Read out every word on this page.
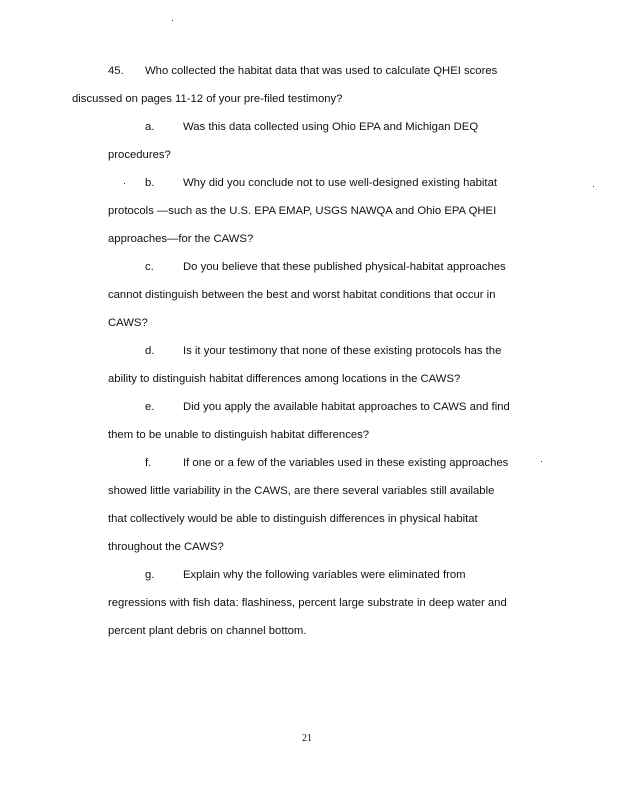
45. Who collected the habitat data that was used to calculate QHEI scores
discussed on pages 11-12 of your pre-filed testimony?
a.	Was this data collected using Ohio EPA and Michigan DEQ
procedures?
b.	Why did you conclude not to use well-designed existing habitat
protocols —such as the U.S. EPA EMAP, USGS NAWQA and Ohio EPA QHEI
approaches—for the CAWS?
c.	Do you believe that these published physical-habitat approaches
cannot distinguish between the best and worst habitat conditions that occur in
CAWS?
d.	Is it your testimony that none of these existing protocols has the
ability to distinguish habitat differences among locations in the CAWS?
e.	Did you apply the available habitat approaches to CAWS and find
them to be unable to distinguish habitat differences?
f.	If one or a few of the variables used in these existing approaches
showed little variability in the CAWS, are there several variables still available
that collectively would be able to distinguish differences in physical habitat
throughout the CAWS?
g.	Explain why the following variables were eliminated from
regressions with fish data: flashiness, percent large substrate in deep water and
percent plant debris on channel bottom.
21
